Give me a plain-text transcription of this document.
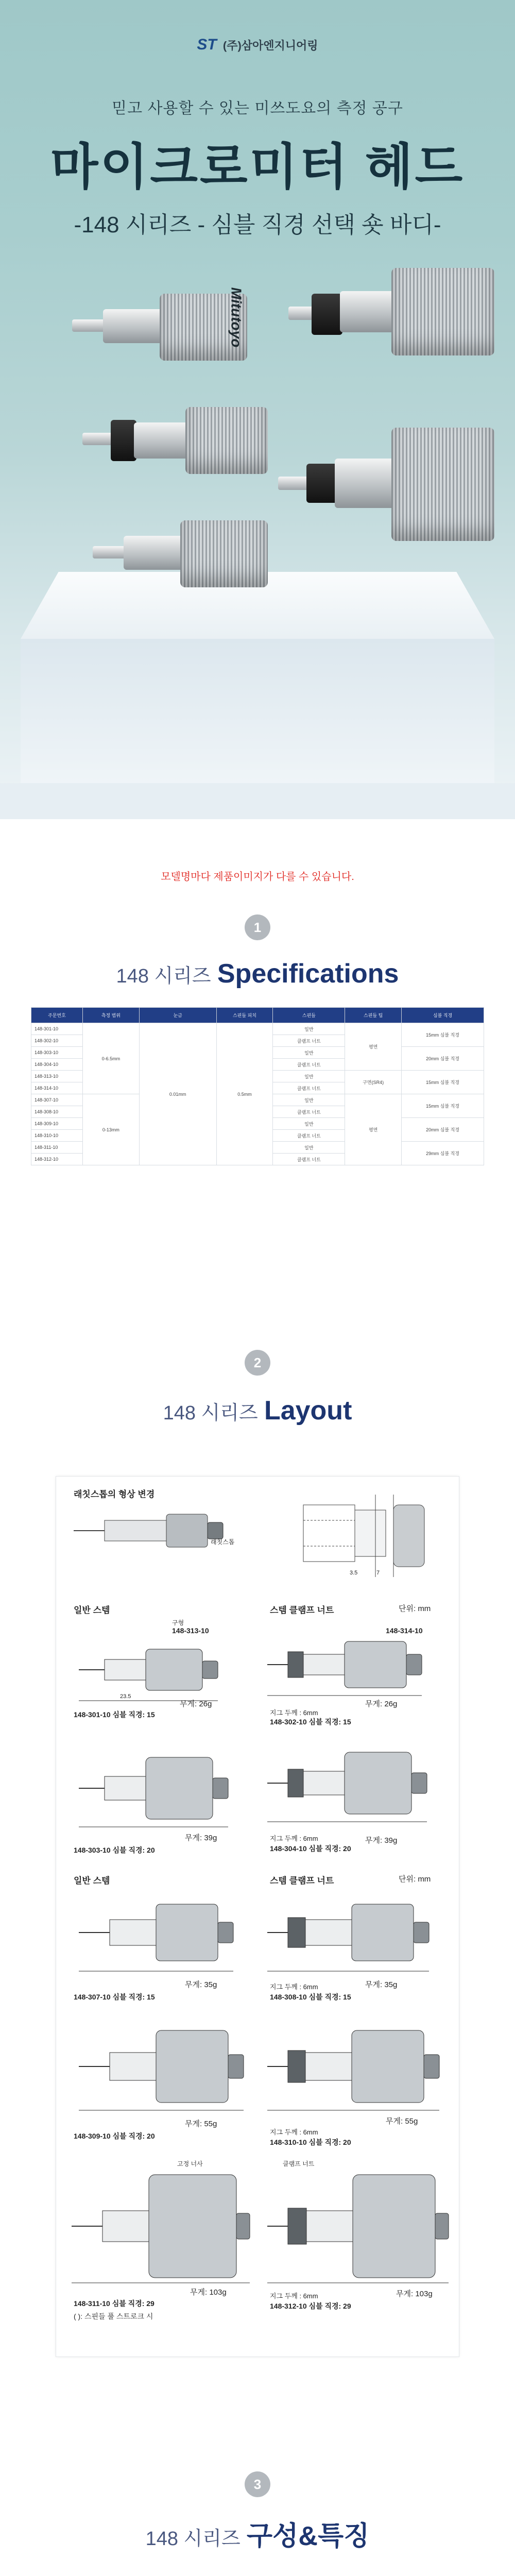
ST (주)삼아엔지니어링
믿고 사용할 수 있는 미쓰도요의 측정 공구
마이크로미터 헤드
-148 시리즈 - 심블 직경 선택 숏 바디-
Mitutoyo
모델명마다 제품이미지가 다를 수 있습니다.
1
148 시리즈 Specifications
주문번호	측정 범위	눈금	스핀들 피치	스핀들	스핀들 팁	심블 직경
148-301-10	0-6.5mm	0.01mm	0.5mm	일반	평면	15mm 심블 직경
148-302-10				클램프 너트		
148-303-10				일반		20mm 심블 직경
148-304-10				클램프 너트		
148-313-10				일반	구면(SR4)	15mm 심블 직경
148-314-10				클램프 너트		
148-307-10	0-13mm			일반	평면	15mm 심블 직경
148-308-10				클램프 너트		
148-309-10				일반		20mm 심블 직경
148-310-10				클램프 너트		
148-311-10				일반		29mm 심블 직경
148-312-10				클램프 너트		
2
148 시리즈 Layout
래칫스톱의 형상 변경
래칫스톱
3.5	7
일반 스템	스템 클램프 너트	단위: mm
구형
148-313-10
23.5
무게: 26g
148-301-10 심블 직경: 15
148-314-10
무게: 26g
지그 두께 : 6mm
148-302-10 심블 직경: 15
무게: 39g
148-303-10 심블 직경: 20
무게: 39g
지그 두께 : 6mm
148-304-10 심블 직경: 20
일반 스템	스템 클램프 너트	단위: mm
무게: 35g
148-307-10 심블 직경: 15
무게: 35g
지그 두께 : 6mm
148-308-10 심블 직경: 15
무게: 55g
148-309-10 심블 직경: 20
무게: 55g
지그 두께 : 6mm
148-310-10 심블 직경: 20
고정 너사
무게: 103g
148-311-10 심블 직경: 29
( ): 스핀들 풀 스트로크 시
클램프 너트
무게: 103g
지그 두께 : 6mm
148-312-10 심블 직경: 29
3
148 시리즈 구성&특징
